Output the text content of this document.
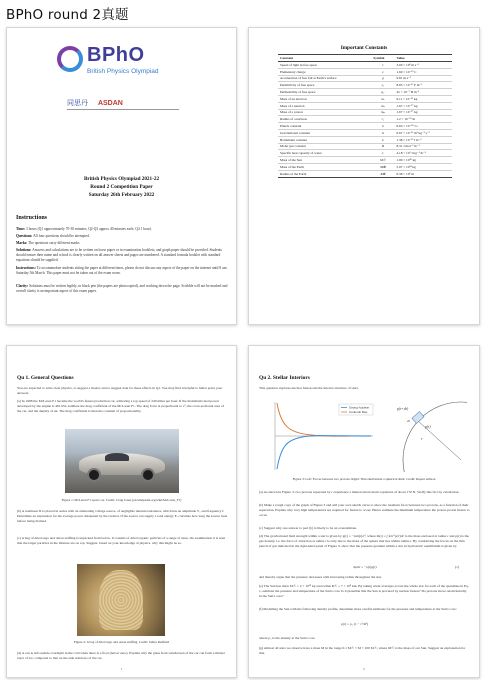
BPhO round 2真题
BPhO
British Physics Olympiad
同思丹 ASDAN
British Physics Olympiad 2021-22
Round 2 Competition Paper
Saturday 26th February 2022
Instructions
Time: 3 hours (Q1 approximately 70-30 minutes, Q2-Q3 approx 40 minutes each; Q4 1 hour).
Questions: All four questions should be attempted.
Marks: The questions carry different marks.
Solutions: Answers and calculations are to be written on loose paper or in examination booklets, and graph paper should be provided. Students should ensure their name and school is clearly written on all answer sheets and pages are numbered. A standard formula booklet with standard equations should be supplied.
Instructions: To accommodate students sitting the paper at different times, please do not discuss any aspect of the paper on the internet until 8 am Saturday 5th March. This paper must not be taken out of the exam room.
Clarity: Solutions must be written legibly, in black pen (the papers are photocopied), and working down the page. Scribble will not be marked and overall clarity is an important aspect of this exam paper.
Important Constants
Constant	Symbol	Value
Speed of light in free space	c	3.00 × 10⁸ m s⁻¹
Elementary charge	e	1.60 × 10⁻¹⁹ C
Acceleration of free fall at Earth's surface	g	9.81 m s⁻²
Permittivity of free space	ε₀	8.85 × 10⁻¹² F m⁻¹
Permeability of free space	μ₀	4π × 10⁻⁷ H m⁻¹
Mass of an electron	mₑ	9.11 × 10⁻³¹ kg
Mass of a neutron	mₙ	1.67 × 10⁻²⁷ kg
Mass of a proton	mₚ	1.67 × 10⁻²⁷ kg
Radius of a nucleon	r₀	1.2 × 10⁻¹⁵ m
Planck constant	h	6.63 × 10⁻³⁴ J s
Gravitational constant	G	6.67 × 10⁻¹¹ m³ kg⁻¹ s⁻²
Boltzmann constant	k	1.38 × 10⁻²³ J K⁻¹
Molar gas constant	R	8.31 J mol⁻¹ K⁻¹
Specific heat capacity of water	cᵥ	4.18 × 10³ J kg⁻¹ K⁻¹
Mass of the Sun	M☉	1.99 × 10³⁰ kg
Mass of the Earth	M⊕	5.97 × 10²⁴ kg
Radius of the Earth	R⊕	6.38 × 10⁶ m
Qu 1. General Questions
You are expected to write clear physics, to suggest a model, and to suggest data for these effects in Q1. You may find it helpful to bullet point your answers.
(a) In 1998 the McLaren F1 became the world's fastest production car, achieving a top speed of 240 miles per hour. If the maximum rated power developed by the engine is 461 kW, estimate the drag coefficient of the McLaren F1. The drag force is proportional to v², the cross-sectional area of the car, and the density of air. The drag coefficient is then the constant of proportionality.
Figure 1: McLaren F1 sports car. Credit: Craig Jones (en.wikipedia.org/wiki/McLaren_F1)
(b) A nonlinear R is placed in series with an alternating voltage source, of negligible internal resistance, which has an amplitude V₀ and frequency f. Determine an expression for the average power dissipated by the resistor. If the source can supply a total energy E, calculate how long the source lasts before being drained.
(c) A bag of dried sago and onion stuffing is unpacked from below. It consists of dried organic particles of a range of sizes. On examination it is seen that the larger particles in the mixture are on top. Suggest, based on your knowledge of physics, why this might be so.
Figure 2: A bag of dried sago and onion stuffing. Credit: James Redfield
(d) A can is left outside overnight in the cold when there is a frost (below zero). Explain why the glass front windscreen of the car can form a thicker layer of ice, compared to that on the side windows of the car.
1
Qu 2. Stellar Interiors
This question explores nuclear fusion and the interior structure of stars.
Strong Nuclear
Coulomb Rep.
r
p(r+dr)
p(r)
dr
Figure 3: Left: Forces between two protons. Right: Thin shell inside a spherical shell. Credit: Rupert Allison
(a) As shown in Figure 3, two protons separated by r experience a mutual electrostatic repulsion of about 170 N. Verify this fact by calculation.
(b) Make a rough copy of the graph of Figure 3 and add your own sketch curve to show the resultant force between two protons, as a function of their separation. Explain why very high temperatures are required for fusion to occur. Hence estimate the minimum temperature the proton-proton fusion to occur.
(c) Suggest why one answer to part (b) is likely to be an overestimate.
(d) The gravitational field strength within a star is given by g(r) = −Gm(r)/r², where m(r) = ∫ 4πr'²ρ(r')dr' is the mass enclosed at radius r and ρ(r) is the gas density, i.e. the force of attraction at radius r is only due to the mass of the sphere that lies within radius r. By considering the forces on the thin pencil of gas indicated in the right-hand panel of Figure 3, show that the pressure gradient within a star in hydrostatic equilibrium is given by
dp/dr = −ρ(r)g(r)	(1)
and thereby argue that the pressure decreases with increasing radius throughout the star.
(e) The Sun has mass M☉ = 2 × 10³⁰ kg and radius R☉ = 7 × 10⁸ km. By taking crude averages across the whole star for each of the quantities in Eq. 1, estimate the pressure and temperature of the Sun's core. Is it plausible that the Sun is powered by nuclear fusion? Do protons move relativistically in the Sun's core?
(f) Modelling the Sun with the following density profile, determine more careful estimates for the pressure and temperature at the Sun's core:
ρ(r) = ρ₀ (1 − r²/R²)
where ρ₀ is the density at the Sun's core.
(g) Almost all stars we observe have a mass M in the range 0.1 M☉ < M < 100 M☉, where M☉ is the mass of our Sun. Suggest an explanation for this.
2
